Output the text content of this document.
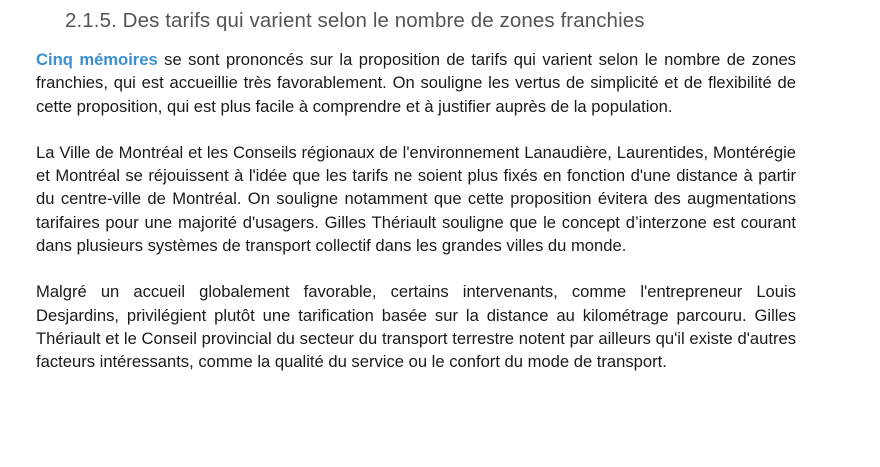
2.1.5. Des tarifs qui varient selon le nombre de zones franchies

Cinq mémoires se sont prononcés sur la proposition de tarifs qui varient selon le nombre de zones franchies, qui est accueillie très favorablement. On souligne les vertus de simplicité et de flexibilité de cette proposition, qui est plus facile à comprendre et à justifier auprès de la population.

La Ville de Montréal et les Conseils régionaux de l'environnement Lanaudière, Laurentides, Montérégie et Montréal se réjouissent à l'idée que les tarifs ne soient plus fixés en fonction d'une distance à partir du centre-ville de Montréal. On souligne notamment que cette proposition évitera des augmentations tarifaires pour une majorité d'usagers. Gilles Thériault souligne que le concept d’interzone est courant dans plusieurs systèmes de transport collectif dans les grandes villes du monde.

Malgré un accueil globalement favorable, certains intervenants, comme l'entrepreneur Louis Desjardins, privilégient plutôt une tarification basée sur la distance au kilométrage parcouru. Gilles Thériault et le Conseil provincial du secteur du transport terrestre notent par ailleurs qu'il existe d'autres facteurs intéressants, comme la qualité du service ou le confort du mode de transport.
